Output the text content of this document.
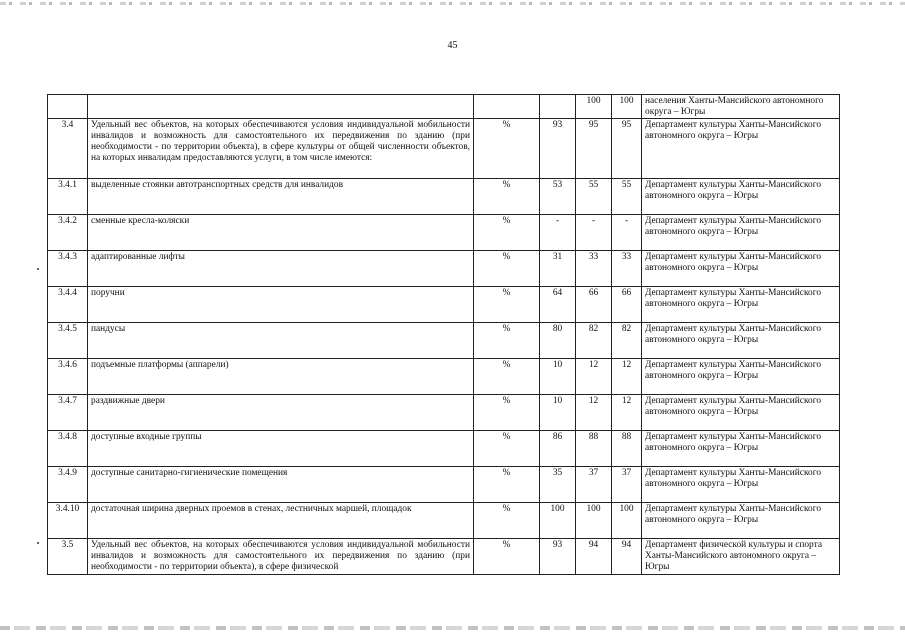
45
				100	100	населения Ханты-Мансийского автономного округа – Югры
3.4	Удельный вес объектов, на которых обеспечиваются условия индивидуальной мобильности инвалидов и возможность для самостоятельного их передвижения по зданию (при необходимости - по территории объекта), в сфере культуры от общей численности объектов, на которых инвалидам предоставляются услуги, в том числе имеются:	%	93	95	95	Департамент культуры Ханты-Мансийского автономного округа – Югры
3.4.1	выделенные стоянки автотранспортных средств для инвалидов	%	53	55	55	Департамент культуры Ханты-Мансийского автономного округа – Югры
3.4.2	сменные кресла-коляски	%	-	-	-	Департамент культуры Ханты-Мансийского автономного округа – Югры
3.4.3	адаптированные лифты	%	31	33	33	Департамент культуры Ханты-Мансийского автономного округа – Югры
3.4.4	поручни	%	64	66	66	Департамент культуры Ханты-Мансийского автономного округа – Югры
3.4.5	пандусы	%	80	82	82	Департамент культуры Ханты-Мансийского автономного округа – Югры
3.4.6	подъемные платформы (аппарели)	%	10	12	12	Департамент культуры Ханты-Мансийского автономного округа – Югры
3.4.7	раздвижные двери	%	10	12	12	Департамент культуры Ханты-Мансийского автономного округа – Югры
3.4.8	доступные входные группы	%	86	88	88	Департамент культуры Ханты-Мансийского автономного округа – Югры
3.4.9	доступные санитарно-гигиенические помещения	%	35	37	37	Департамент культуры Ханты-Мансийского автономного округа – Югры
3.4.10	достаточная ширина дверных проемов в стенах, лестничных маршей, площадок	%	100	100	100	Департамент культуры Ханты-Мансийского автономного округа – Югры
3.5	Удельный вес объектов, на которых обеспечиваются условия индивидуальной мобильности инвалидов и возможность для самостоятельного их передвижения по зданию (при необходимости - по территории объекта), в сфере физической	%	93	94	94	Департамент физической культуры и спорта Ханты-Мансийского автономного округа – Югры
